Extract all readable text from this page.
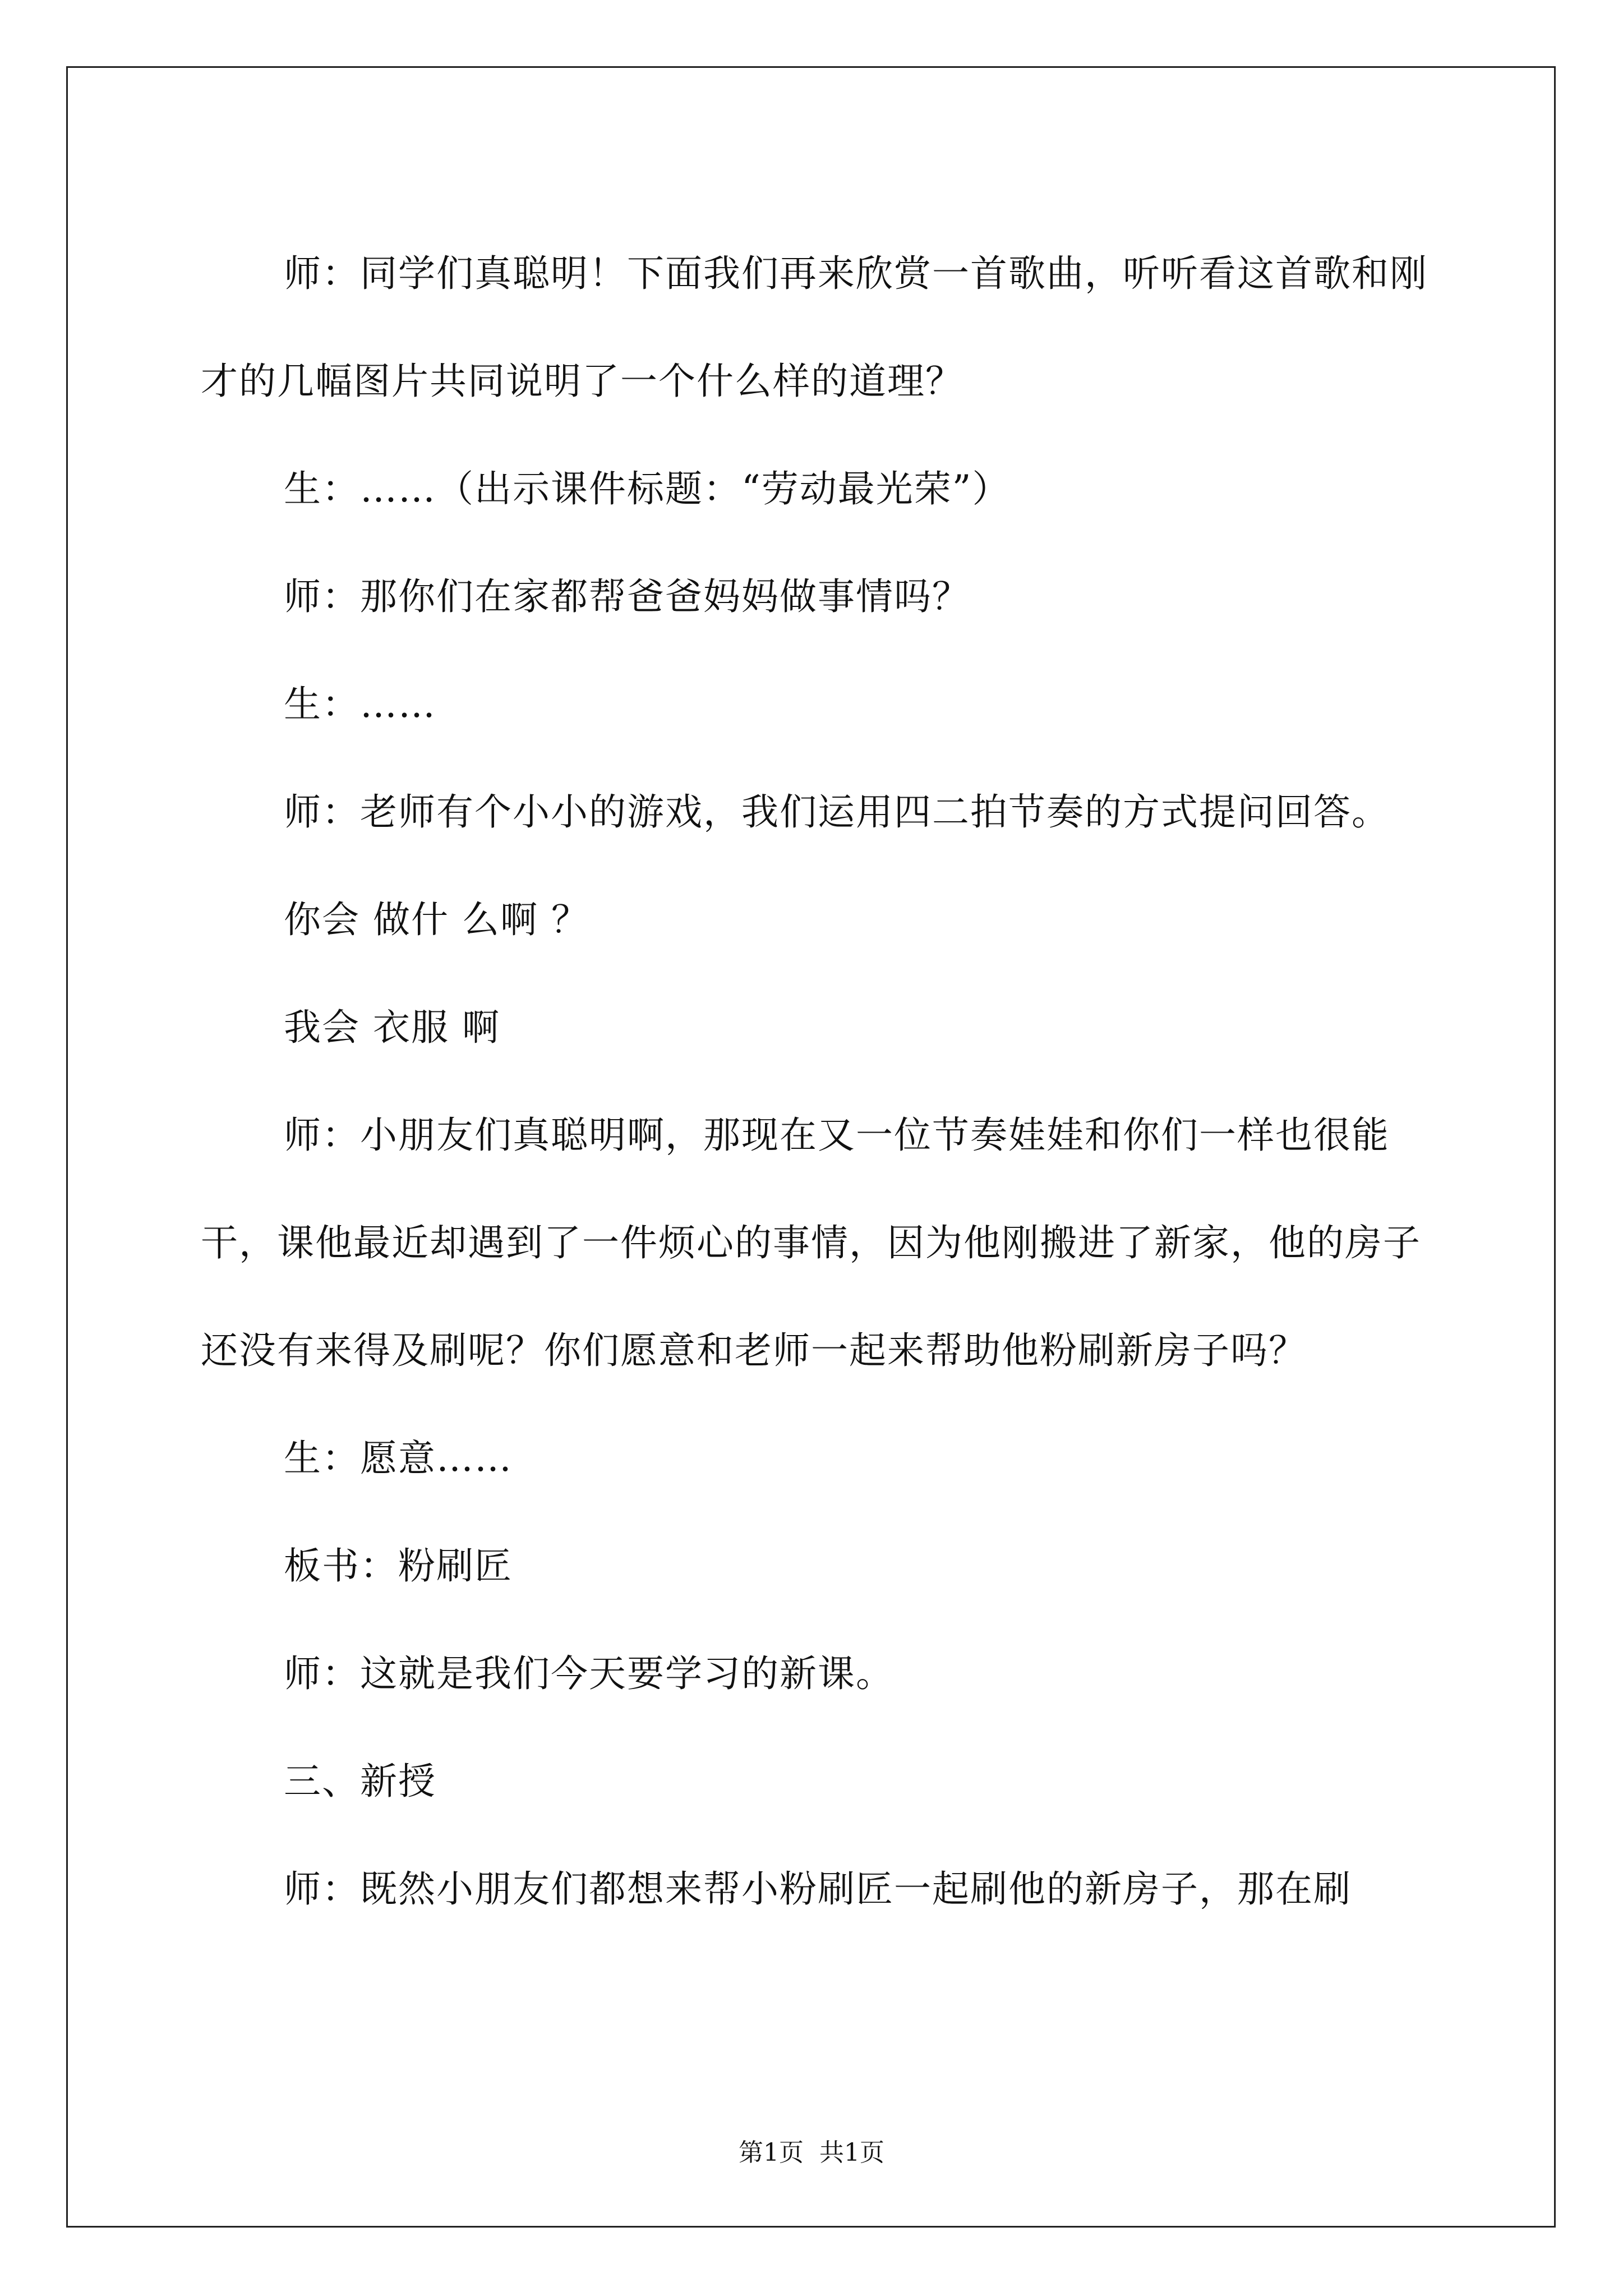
师：同学们真聪明！下面我们再来欣赏一首歌曲，听听看这首歌和刚才的几幅图片共同说明了一个什么样的道理？

生：……（出示课件标题：“劳动最光荣”）

师：那你们在家都帮爸爸妈妈做事情吗？

生：……

师：老师有个小小的游戏，我们运用四二拍节奏的方式提问回答。

你会 做什 么啊 ？

我会 衣服 啊

师：小朋友们真聪明啊，那现在又一位节奏娃娃和你们一样也很能干，课他最近却遇到了一件烦心的事情，因为他刚搬进了新家，他的房子还没有来得及刷呢？你们愿意和老师一起来帮助他粉刷新房子吗？

生：愿意……

板书：粉刷匠

师：这就是我们今天要学习的新课。

三、新授

师：既然小朋友们都想来帮小粉刷匠一起刷他的新房子，那在刷

第1页  共1页
